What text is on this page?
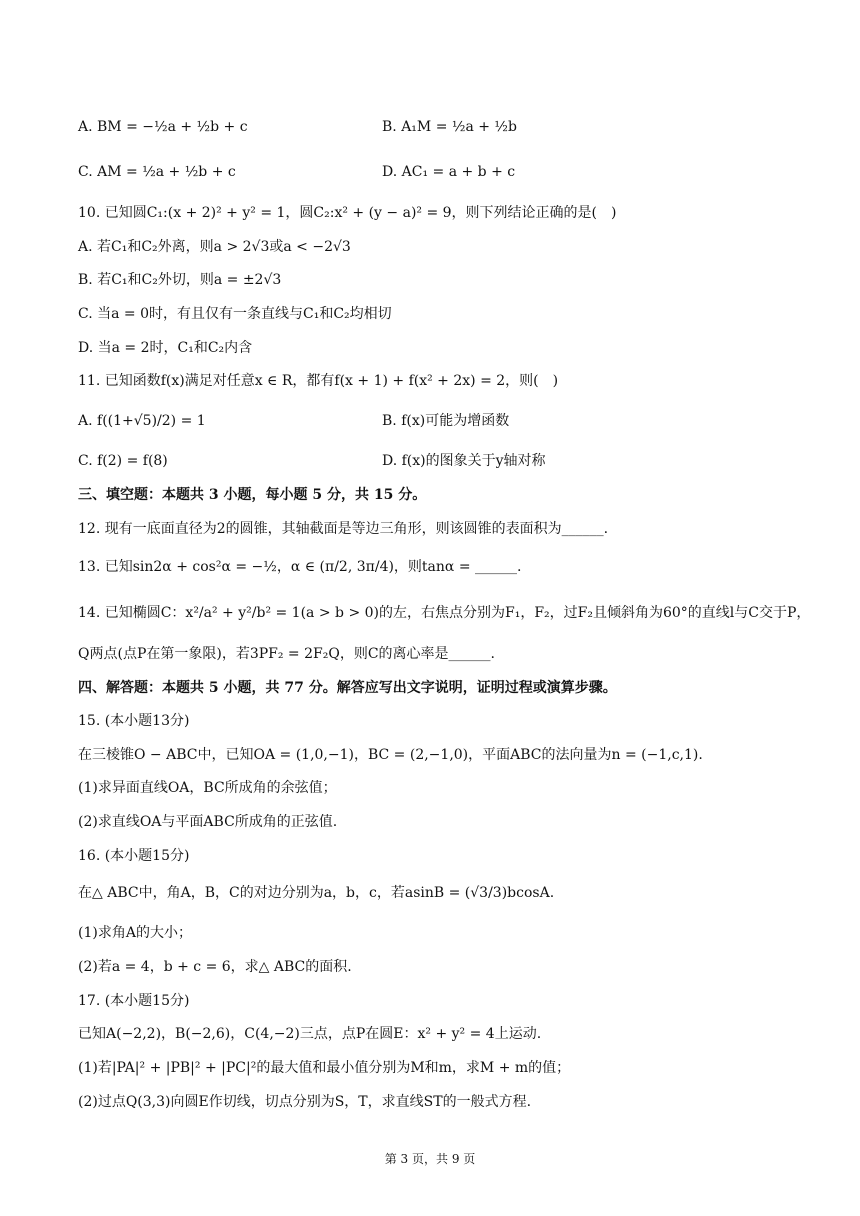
A. BM = −½a + ½b + c	B. A₁M = ½a + ½b
C. AM = ½a + ½b + c	D. AC₁ = a + b + c
10. 已知圆C₁:(x + 2)² + y² = 1，圆C₂:x² + (y − a)² = 9，则下列结论正确的是(　)
A. 若C₁和C₂外离，则a > 2√3或a < −2√3
B. 若C₁和C₂外切，则a = ±2√3
C. 当a = 0时，有且仅有一条直线与C₁和C₂均相切
D. 当a = 2时，C₁和C₂内含
11. 已知函数f(x)满足对任意x ∈ R，都有f(x + 1) + f(x² + 2x) = 2，则(　)
A. f((1+√5)/2) = 1	B. f(x)可能为增函数
C. f(2) = f(8)	D. f(x)的图象关于y轴对称
三、填空题：本题共 3 小题，每小题 5 分，共 15 分。
12. 现有一底面直径为2的圆锥，其轴截面是等边三角形，则该圆锥的表面积为______.
13. 已知sin2α + cos²α = −½，α ∈ (π/2, 3π/4)，则tanα = ______.
14. 已知椭圆C：x²/a² + y²/b² = 1(a > b > 0)的左，右焦点分别为F₁，F₂，过F₂且倾斜角为60°的直线l与C交于P，
Q两点(点P在第一象限)，若3PF₂ = 2F₂Q，则C的离心率是______.
四、解答题：本题共 5 小题，共 77 分。解答应写出文字说明，证明过程或演算步骤。
15. (本小题13分)
在三棱锥O − ABC中，已知OA = (1,0,−1)，BC = (2,−1,0)，平面ABC的法向量为n = (−1,c,1).
(1)求异面直线OA，BC所成角的余弦值；
(2)求直线OA与平面ABC所成角的正弦值.
16. (本小题15分)
在△ ABC中，角A，B，C的对边分别为a，b，c，若asinB = (√3/3)bcosA.
(1)求角A的大小；
(2)若a = 4，b + c = 6，求△ ABC的面积.
17. (本小题15分)
已知A(−2,2)，B(−2,6)，C(4,−2)三点，点P在圆E：x² + y² = 4上运动.
(1)若|PA|² + |PB|² + |PC|²的最大值和最小值分别为M和m，求M + m的值；
(2)过点Q(3,3)向圆E作切线，切点分别为S，T，求直线ST的一般式方程.
第 3 页，共 9 页
